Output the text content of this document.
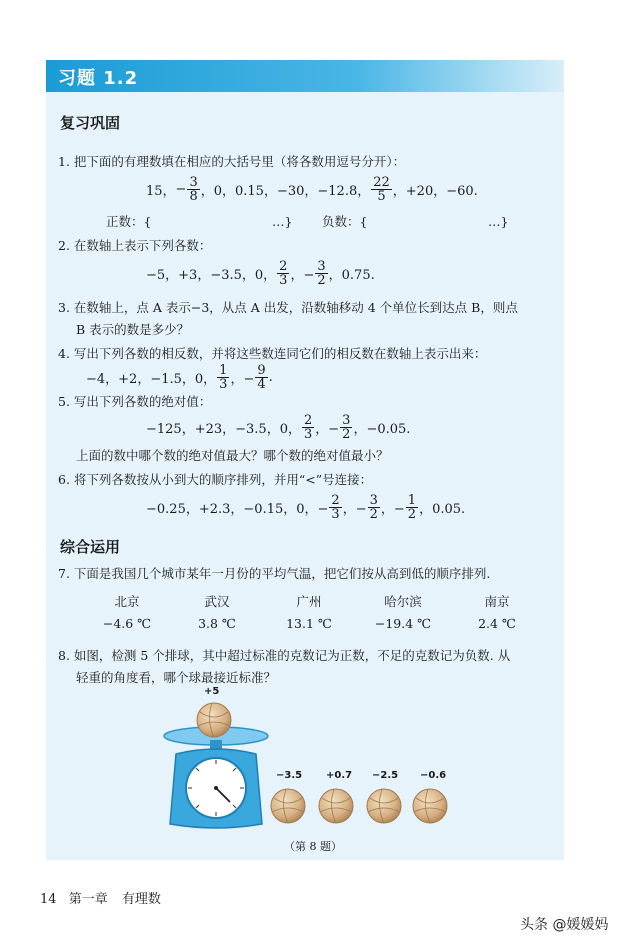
习题 1.2
复习巩固
1. 把下面的有理数填在相应的大括号里（将各数用逗号分开）：
15， − $\frac{3}{8}$ ，0，0.15，−30，−12.8， $\frac{22}{5}$ ，+20，−60.
正数：{	…} 负数：{	…}
2. 在数轴上表示下列各数：
−5，+3，−3.5，0， $\frac{2}{3}$ ，− $\frac{3}{2}$ ，0.75.
3. 在数轴上，点 A 表示−3，从点 A 出发，沿数轴移动 4 个单位长到达点 B，则点
B 表示的数是多少？
4. 写出下列各数的相反数，并将这些数连同它们的相反数在数轴上表示出来：
−4，+2，−1.5，0， $\frac{1}{3}$ ，− $\frac{9}{4}$ .
5. 写出下列各数的绝对值：
−125，+23，−3.5，0， $\frac{2}{3}$ ，− $\frac{3}{2}$ ，−0.05.
上面的数中哪个数的绝对值最大？哪个数的绝对值最小？
6. 将下列各数按从小到大的顺序排列，并用“<”号连接：
−0.25，+2.3，−0.15，0，− $\frac{2}{3}$ ，− $\frac{3}{2}$ ，− $\frac{1}{2}$ ，0.05.
综合运用
7. 下面是我国几个城市某年一月份的平均气温，把它们按从高到低的顺序排列.
北京	武汉	广州	哈尔滨	南京
−4.6 ℃	3.8 ℃	13.1 ℃	−19.4 ℃	2.4 ℃
8. 如图，检测 5 个排球，其中超过标准的克数记为正数，不足的克数记为负数. 从
轻重的角度看，哪个球最接近标准？
+5
−3.5 +0.7 −2.5 −0.6
（第 8 题）
14 第一章 有理数
头条 @媛媛妈
